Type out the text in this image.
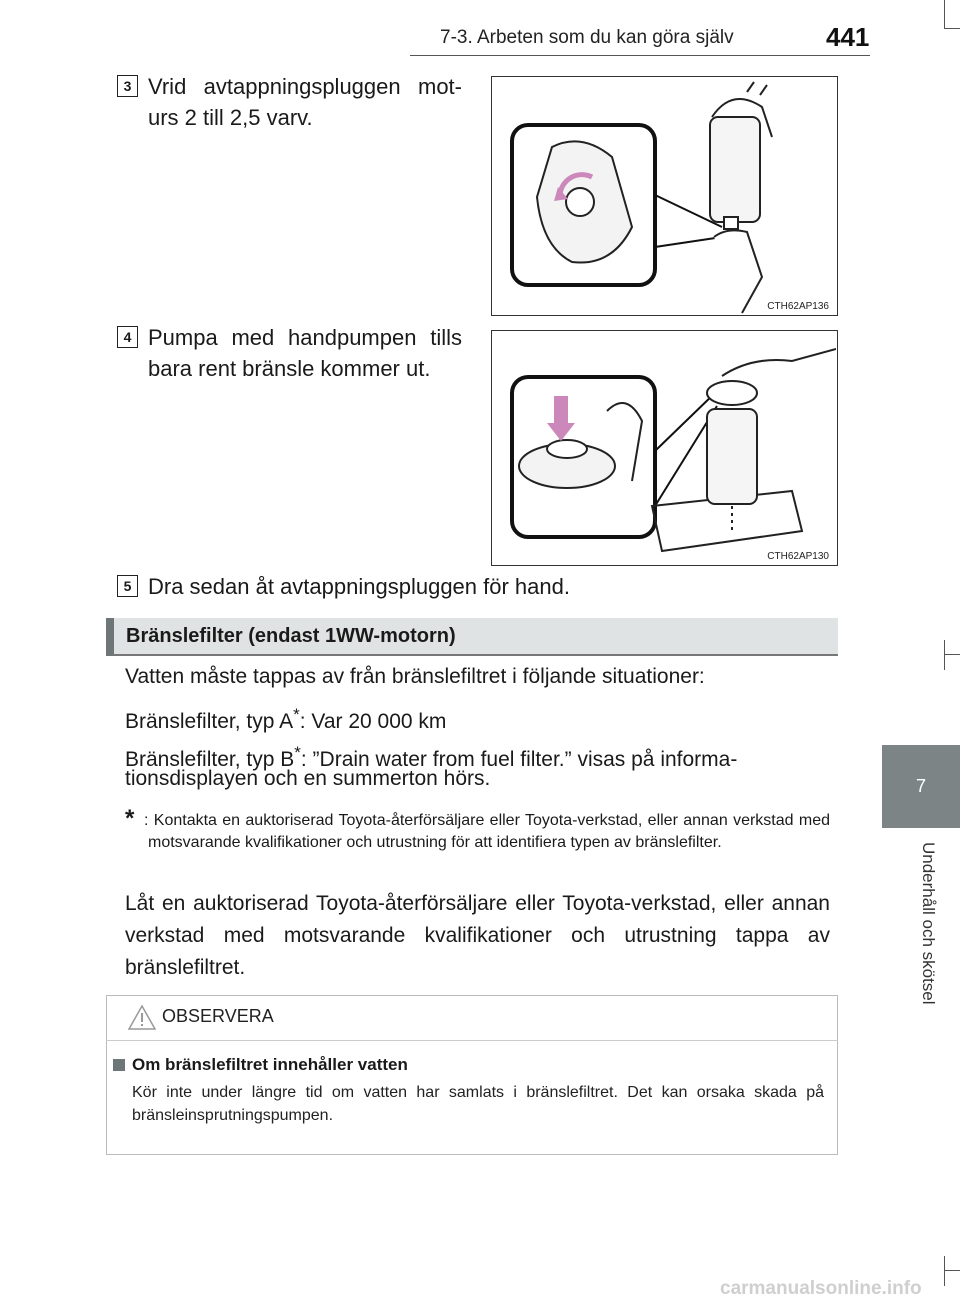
7-3. Arbeten som du kan göra själv	441
7
Underhåll och skötsel
3 Vrid avtappningspluggen mot-urs 2 till 2,5 varv.
CTH62AP136
4 Pumpa med handpumpen tills bara rent bränsle kommer ut.
CTH62AP130
5 Dra sedan åt avtappningspluggen för hand.
Bränslefilter (endast 1WW-motorn)
Vatten måste tappas av från bränslefiltret i följande situationer:
Bränslefilter, typ A*: Var 20 000 km
Bränslefilter, typ B*: ”Drain water from fuel filter.” visas på informa-
tionsdisplayen och en summerton hörs.
* : Kontakta en auktoriserad Toyota-återförsäljare eller Toyota-verkstad, eller annan verkstad med motsvarande kvalifikationer och utrustning för att identifiera typen av bränslefilter.
Låt en auktoriserad Toyota-återförsäljare eller Toyota-verkstad, eller annan verkstad med motsvarande kvalifikationer och utrustning tappa av bränslefiltret.
OBSERVERA
Om bränslefiltret innehåller vatten
Kör inte under längre tid om vatten har samlats i bränslefiltret. Det kan orsaka skada på bränsleinsprutningspumpen.
carmanualsonline.info
